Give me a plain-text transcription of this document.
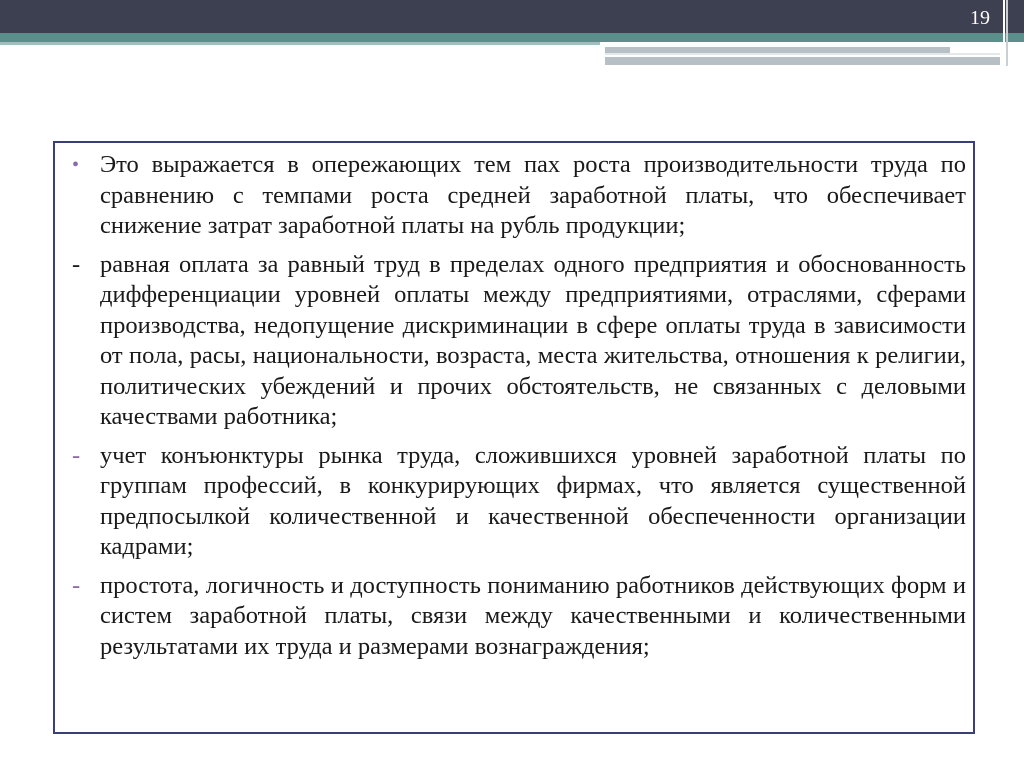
19

• Это выражается в опережающих тем пах роста производительности труда по сравнению с темпами роста средней заработной платы, что обеспечивает снижение затрат заработной платы на рубль продукции;

- равная оплата за равный труд в пределах одного предприятия и обоснованность дифференциации уровней оплаты между предприятиями, отраслями, сферами производства, недопущение дискриминации в сфере оплаты труда в зависимости от пола, расы, национальности, возраста, места жительства, отношения к религии, политических убеждений и прочих обстоятельств, не связанных с деловыми качествами работника;

- учет конъюнктуры рынка труда, сложившихся уровней заработной платы по группам профессий, в конкурирующих фирмах, что является существенной предпосылкой количественной и качественной обеспеченности организации кадрами;

- простота, логичность и доступность пониманию работников действующих форм и систем заработной платы, связи между качественными и количественными результатами их труда и размерами вознаграждения;
